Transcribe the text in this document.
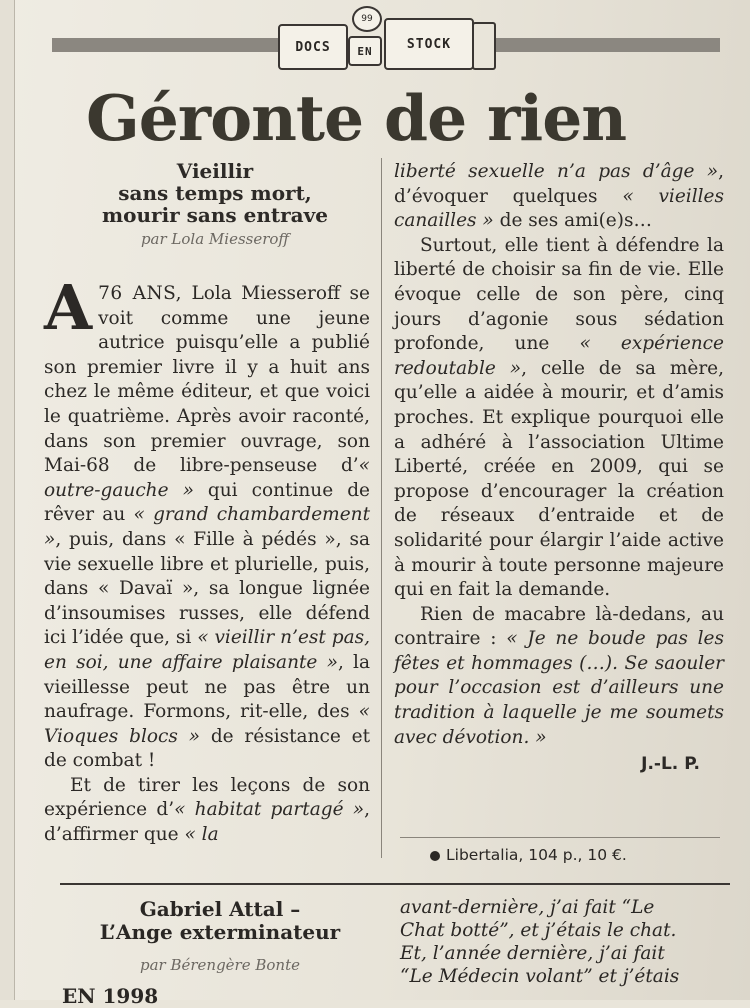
99
DOCS EN	STOCK
Géronte de rien
Vieillir
sans temps mort,
mourir sans entrave
par Lola Miesseroff

A 76 ANS, Lola Miesseroff se voit comme une jeune autrice puisqu’elle a publié son premier livre il y a huit ans chez le même éditeur, et que voici le quatrième. Après avoir raconté, dans son premier ouvrage, son Mai-68 de libre-penseuse d’« outre-gauche » qui continue de rêver au « grand chambardement », puis, dans « Fille à pédés », sa vie sexuelle libre et plurielle, puis, dans « Davaï », sa longue lignée d’insoumises russes, elle défend ici l’idée que, si « vieillir n’est pas, en soi, une affaire plaisante », la vieillesse peut ne pas être un naufrage. Formons, rit-elle, des « Vioques blocs » de résistance et de combat !

Et de tirer les leçons de son expérience d’« habitat partagé », d’affirmer que « la

liberté sexuelle n’a pas d’âge », d’évoquer quelques « vieilles canailles » de ses ami(e)s…

Surtout, elle tient à défendre la liberté de choisir sa fin de vie. Elle évoque celle de son père, cinq jours d’agonie sous sédation profonde, une « expérience redoutable », celle de sa mère, qu’elle a aidée à mourir, et d’amis proches. Et explique pourquoi elle a adhéré à l’association Ultime Liberté, créée en 2009, qui se propose d’encourager la création de réseaux d’entraide et de solidarité pour élargir l’aide active à mourir à toute personne majeure qui en fait la demande.

Rien de macabre là-dedans, au contraire : « Je ne boude pas les fêtes et hommages (…). Se saouler pour l’occasion est d’ailleurs une tradition à laquelle je me soumets avec dévotion. »

J.-L. P.
Libertalia, 104 p., 10 €.
Gabriel Attal –
L’Ange exterminateur
par Bérengère Bonte
EN 1998

avant-dernière, j’ai fait “Le

Chat botté”, et j’étais le chat.

Et, l’année dernière, j’ai fait

“Le Médecin volant” et j’étais
